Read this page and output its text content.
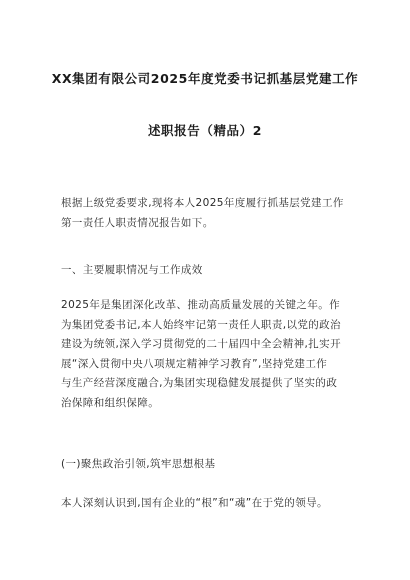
XX集团有限公司2025年度党委书记抓基层党建工作
述职报告（精品）2
根据上级党委要求,现将本人2025年度履行抓基层党建工作
第一责任人职责情况报告如下。
一、主要履职情况与工作成效
2025年是集团深化改革、推动高质量发展的关键之年。作
为集团党委书记,本人始终牢记第一责任人职责,以党的政治
建设为统领,深入学习贯彻党的二十届四中全会精神,扎实开
展“深入贯彻中央八项规定精神学习教育”,坚持党建工作
与生产经营深度融合,为集团实现稳健发展提供了坚实的政
治保障和组织保障。
(一)聚焦政治引领,筑牢思想根基
本人深刻认识到,国有企业的“根”和“魂”在于党的领导。
